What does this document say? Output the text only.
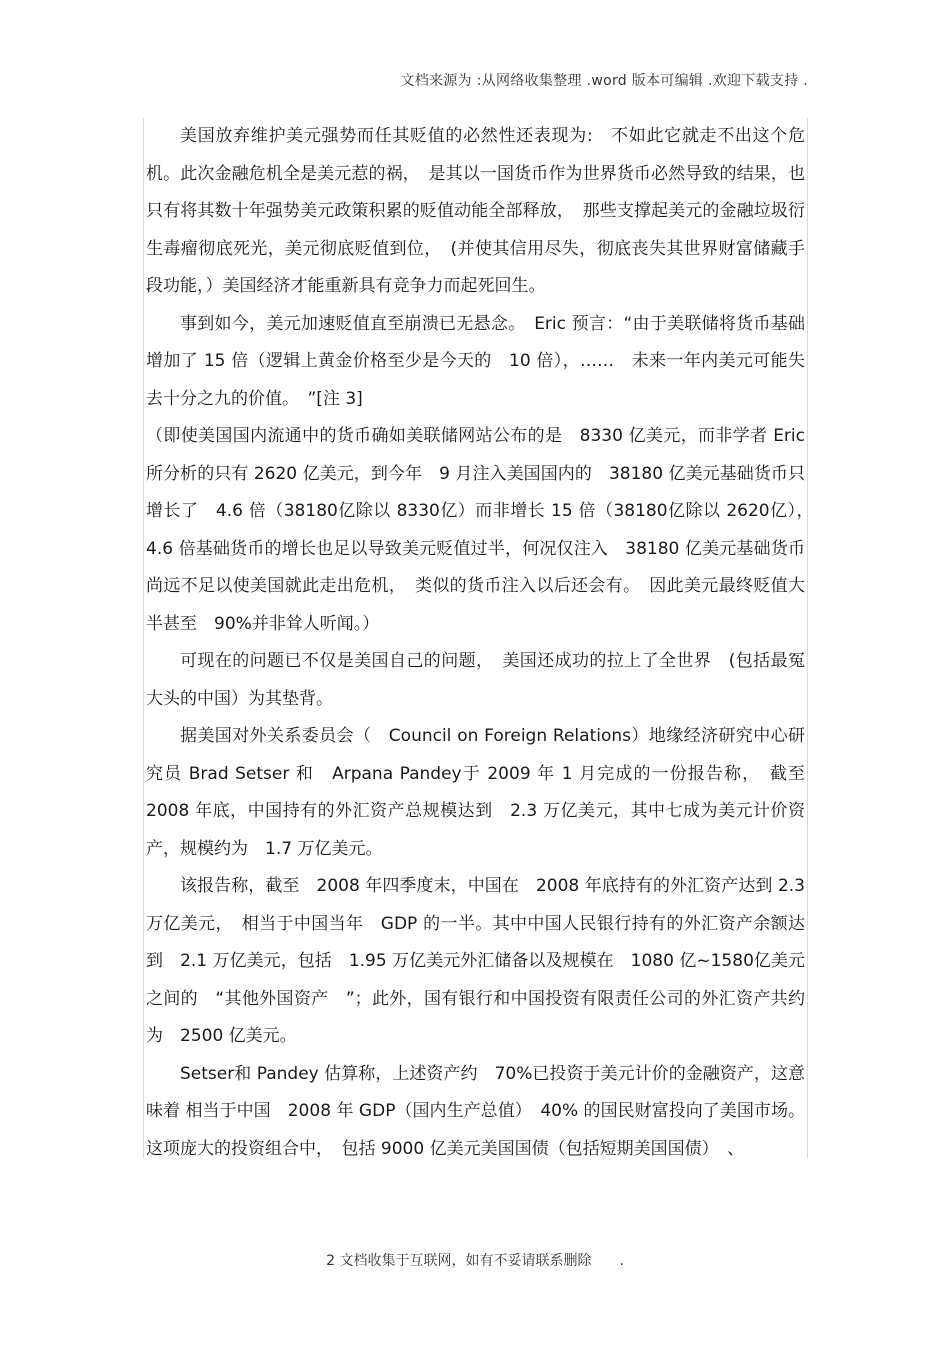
文档来源为 :从网络收集整理 .word 版本可编辑 .欢迎下载支持 .

美国放弃维护美元强势而任其贬值的必然性还表现为:　不如此它就走不出这个危机。此次金融危机全是美元惹的祸，　是其以一国货币作为世界货币必然导致的结果，也只有将其数十年强势美元政策积累的贬值动能全部释放，　那些支撑起美元的金融垃圾衍生毒瘤彻底死光，美元彻底贬值到位，　(并使其信用尽失，彻底丧失其世界财富储藏手段功能，）美国经济才能重新具有竞争力而起死回生。

事到如今，美元加速贬值直至崩溃已无悬念。　Eric 预言：“由于美联储将货币基础增加了 15 倍（逻辑上黄金价格至少是今天的　10 倍），……　未来一年内美元可能失去十分之九的价值。　”[注 3]

（即使美国国内流通中的货币确如美联储网站公布的是　8330 亿美元，而非学者 Eric 所分析的只有 2620 亿美元，到今年　9 月注入美国国内的　38180 亿美元基础货币只增长了　4.6 倍（38180亿除以 8330亿）而非增长 15 倍（38180亿除以 2620亿），　4.6 倍基础货币的增长也足以导致美元贬值过半，何况仅注入　38180 亿美元基础货币尚远不足以使美国就此走出危机，　类似的货币注入以后还会有。　因此美元最终贬值大半甚至　90%并非耸人听闻。）

可现在的问题已不仅是美国自己的问题，　美国还成功的拉上了全世界　(包括最冤大头的中国）为其垫背。

据美国对外关系委员会（　Council on Foreign Relations）地缘经济研究中心研究员 Brad Setser 和　Arpana Pandey于 2009 年 1 月完成的一份报告称，　截至 2008 年底，中国持有的外汇资产总规模达到　2.3 万亿美元，其中七成为美元计价资产，规模约为　1.7 万亿美元。

该报告称，截至　2008 年四季度末，中国在　2008 年底持有的外汇资产达到 2.3 万亿美元，　相当于中国当年　GDP 的一半。其中中国人民银行持有的外汇资产余额达到　2.1 万亿美元，包括　1.95 万亿美元外汇储备以及规模在　1080 亿~1580亿美元之间的　“其他外国资产　”；此外，国有银行和中国投资有限责任公司的外汇资产共约为　2500 亿美元。

Setser和 Pandey 估算称，上述资产约　70%已投资于美元计价的金融资产，这意味着 相当于中国　2008 年 GDP（国内生产总值）　40% 的国民财富投向了美国市场。这项庞大的投资组合中，　包括 9000 亿美元美国国债（包括短期美国国债）　、

2 文档收集于互联网，如有不妥请联系删除　　.
